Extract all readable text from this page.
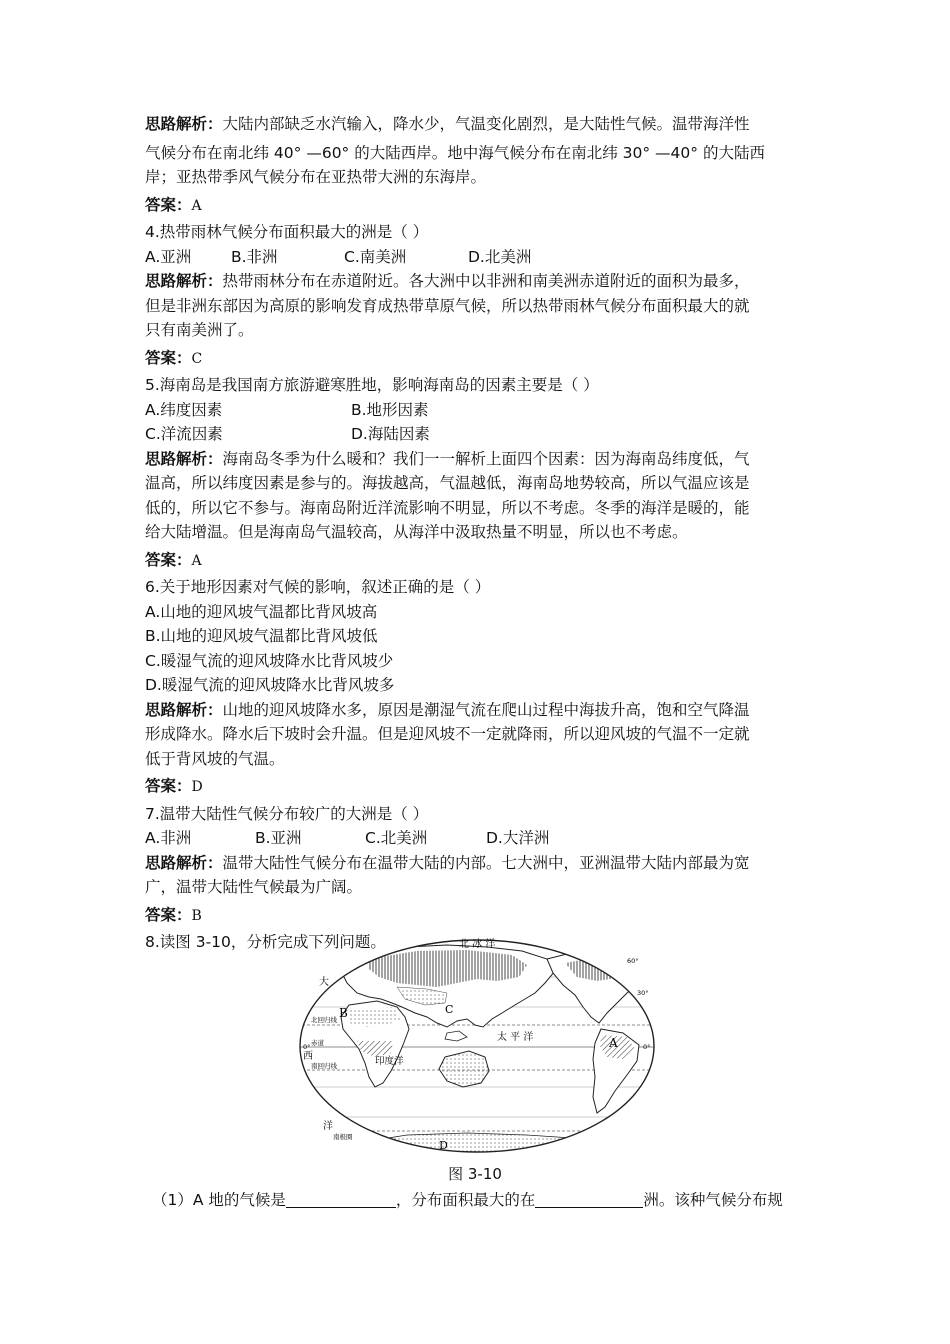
思路解析：大陆内部缺乏水汽输入，降水少，气温变化剧烈，是大陆性气候。温带海洋性
气候分布在南北纬 40° —60° 的大陆西岸。地中海气候分布在南北纬 30° —40° 的大陆西
岸；亚热带季风气候分布在亚热带大洲的东海岸。
答案：A
4.热带雨林气候分布面积最大的洲是（ ）
A.亚洲	B.非洲	C.南美洲	D.北美洲
思路解析：热带雨林分布在赤道附近。各大洲中以非洲和南美洲赤道附近的面积为最多，
但是非洲东部因为高原的影响发育成热带草原气候，所以热带雨林气候分布面积最大的就
只有南美洲了。
答案：C
5.海南岛是我国南方旅游避寒胜地，影响海南岛的因素主要是（ ）
A.纬度因素	B.地形因素
C.洋流因素	D.海陆因素
思路解析：海南岛冬季为什么暖和？我们一一解析上面四个因素：因为海南岛纬度低，气
温高，所以纬度因素是参与的。海拔越高，气温越低，海南岛地势较高，所以气温应该是
低的，所以它不参与。海南岛附近洋流影响不明显，所以不考虑。冬季的海洋是暖的，能
给大陆增温。但是海南岛气温较高，从海洋中汲取热量不明显，所以也不考虑。
答案：A
6.关于地形因素对气候的影响，叙述正确的是（ ）
A.山地的迎风坡气温都比背风坡高
B.山地的迎风坡气温都比背风坡低
C.暖湿气流的迎风坡降水比背风坡少
D.暖湿气流的迎风坡降水比背风坡多
思路解析：山地的迎风坡降水多，原因是潮湿气流在爬山过程中海拔升高，饱和空气降温
形成降水。降水后下坡时会升温。但是迎风坡不一定就降雨，所以迎风坡的气温不一定就
低于背风坡的气温。
答案：D
7.温带大陆性气候分布较广的大洲是（ ）
A.非洲	B.亚洲	C.北美洲	D.大洋洲
思路解析：温带大陆性气候分布在温带大陆的内部。七大洲中，亚洲温带大陆内部最为宽
广，温带大陆性气候最为广阔。
答案：B
8.读图 3-10，分析完成下列问题。	北 冰 洋
太 平 洋
印度洋
大
西
洋
北回归线
赤道
南回归线
南极圈
60°
30°
0°
0°	A
B	C
D
图 3-10
（1）A 地的气候是	，分布面积最大的在	洲。该种气候分布规
